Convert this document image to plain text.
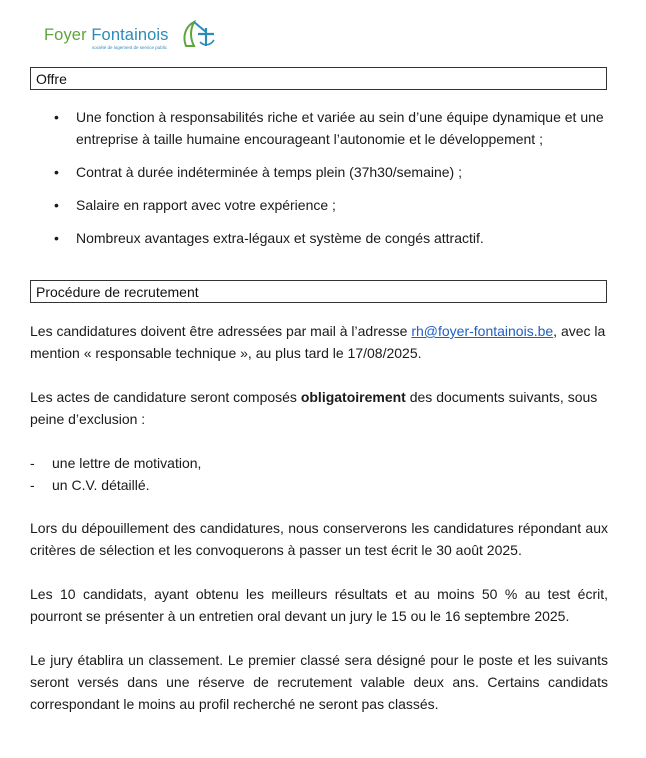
Foyer Fontainois
société de logement de service public
Offre
• Une fonction à responsabilités riche et variée au sein d’une équipe dynamique et une entreprise à taille humaine encourageant l’autonomie et le développement ;
• Contrat à durée indéterminée à temps plein (37h30/semaine) ;
• Salaire en rapport avec votre expérience ;
• Nombreux avantages extra-légaux et système de congés attractif.
Procédure de recrutement

Les candidatures doivent être adressées par mail à l’adresse rh@foyer-fontainois.be, avec la mention « responsable technique », au plus tard le 17/08/2025.

Les actes de candidature seront composés obligatoirement des documents suivants, sous peine d’exclusion :

- une lettre de motivation,
- un C.V. détaillé.

Lors du dépouillement des candidatures, nous conserverons les candidatures répondant aux critères de sélection et les convoquerons à passer un test écrit le 30 août 2025.

Les 10 candidats, ayant obtenu les meilleurs résultats et au moins 50 % au test écrit, pourront se présenter à un entretien oral devant un jury le 15 ou le 16 septembre 2025.

Le jury établira un classement. Le premier classé sera désigné pour le poste et les suivants seront versés dans une réserve de recrutement valable deux ans. Certains candidats correspondant le moins au profil recherché ne seront pas classés.
